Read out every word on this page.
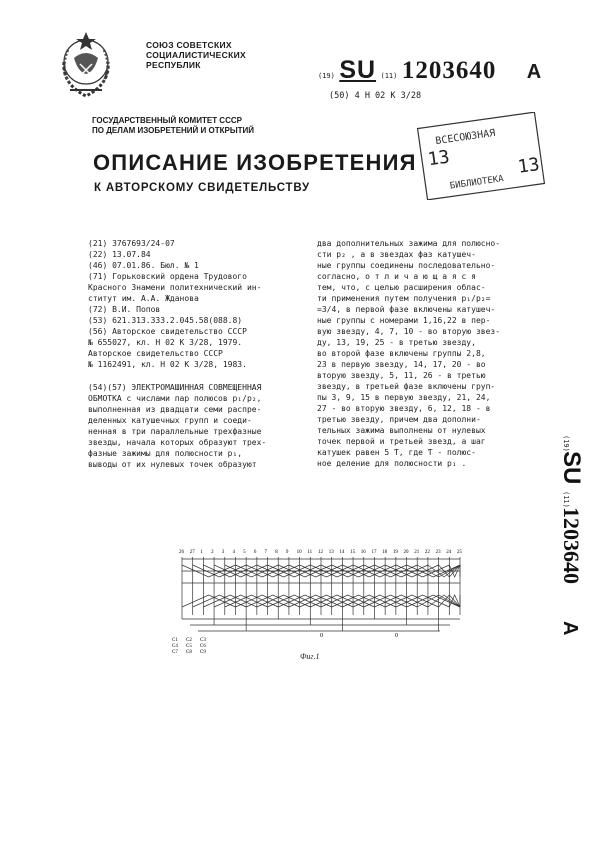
СОЮЗ СОВЕТСКИХ
СОЦИАЛИСТИЧЕСКИХ
РЕСПУБЛИК
(19) SU (11) 1203640 A
(50) 4 H 02 K 3/28
ГОСУДАРСТВЕННЫЙ КОМИТЕТ СССР
ПО ДЕЛАМ ИЗОБРЕТЕНИЙ И ОТКРЫТИЙ
ОПИСАНИЕ ИЗОБРЕТЕНИЯ
К АВТОРСКОМУ СВИДЕТЕЛЬСТВУ
ВСЕСОЮЗНАЯ
13	13
БИБЛИОТЕКА
(21) 3767693/24-07
(22) 13.07.84
(46) 07.01.86. Бюл. № 1
(71) Горьковский ордена Трудового
Красного Знамени политехнический ин-
ститут им. А.А. Жданова
(72) В.И. Попов
(53) 621.313.333.2.045.58(088.8)
(56) Авторское свидетельство СССР
№ 655027, кл. Н 02 К 3/28, 1979.
Авторское свидетельство СССР
№ 1162491, кл. Н 02 К 3/28, 1983.
(54)(57) ЭЛЕКТРОМАШИННАЯ СОВМЕЩЕННАЯ
ОБМОТКА с числами пар полюсов p₁/p₂,
выполненная из двадцати семи распре-
деленных катушечных групп и соеди-
ненная в три параллельные трехфазные
звезды, начала которых образуют трех-
фазные зажимы для полюсности p₁,
выводы от их нулевых точек образуют
два дополнительных зажима для полюсно-
сти p₂ , а в звездах фаз катушеч-
ные группы соединены последовательно-
согласно, о т л и ч а ю щ а я с я
тем, что, с целью расширения облас-
ти применения путем получения p₁/p₂=
=3/4, в первой фазе включены катушеч-
ные группы с номерами 1,16,22 в пер-
вую звезду, 4, 7, 10 - во вторую звез-
ду, 13, 19, 25 - в третью звезду,
во второй фазе включены группы 2,8,
23 в первую звезду, 14, 17, 20 - во
вторую звезду, 5, 11, 26 - в третью
звезду, в третьей фазе включены груп-
пы 3, 9, 15 в первую звезду, 21, 24,
27 - во вторую звезду, 6, 12, 18 - в
третью звезду, причем два дополни-
тельных зажима выполнены от нулевых
точек первой и третьей звезд, а шаг
катушек равен 5 Ƭ, где Ƭ - полюс-
ное деление для полюсности p₁ .
(19)
SU
(11)
1203640
A
26 27 1 2 3 4 5 6 7 8 9 10 11 12 13 14 15 16 17 18 19 20 21 22 23 24 25
C1 C2 C3
C4 C5 C6
C7 C8 C9
0	0
Фиг.1
